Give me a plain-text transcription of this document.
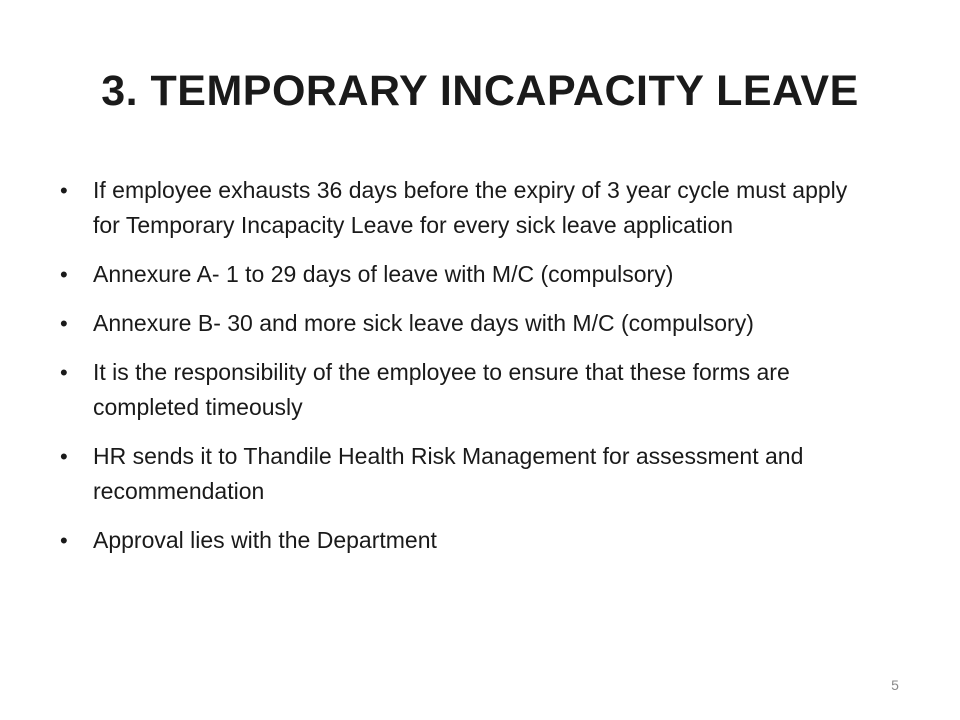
3. TEMPORARY INCAPACITY LEAVE
•	If employee exhausts 36 days before the expiry of 3 year cycle must apply for Temporary Incapacity Leave for every sick leave application
•	Annexure A- 1 to 29 days of leave with M/C (compulsory)
•	Annexure B- 30 and more sick leave days with M/C (compulsory)
•	It is the responsibility of the employee to ensure that these forms are completed timeously
•	HR sends it to Thandile Health Risk Management for assessment and recommendation
•	Approval lies with the Department
5
